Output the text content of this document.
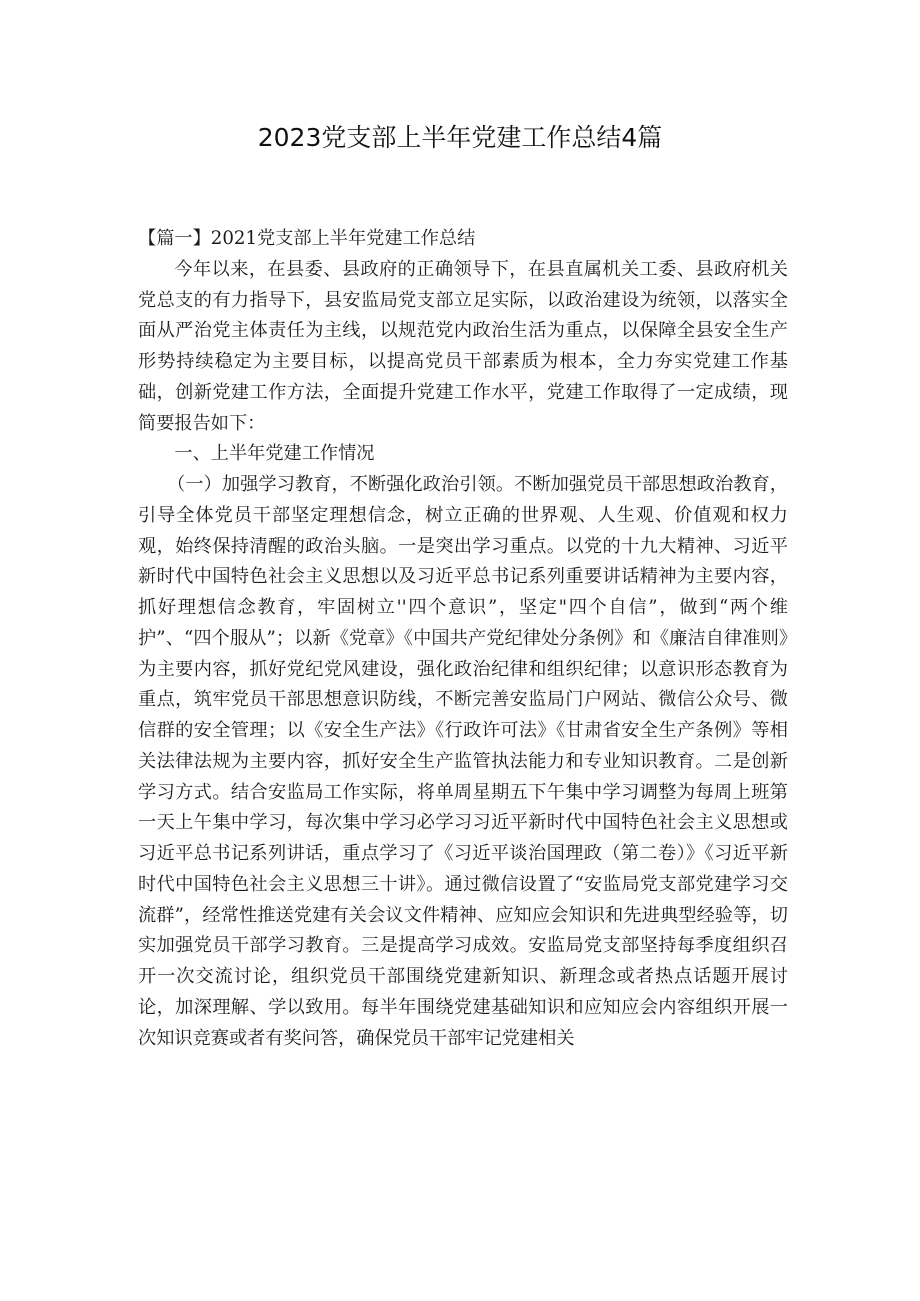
2023党支部上半年党建工作总结4篇

【篇一】2021党支部上半年党建工作总结

今年以来，在县委、县政府的正确领导下，在县直属机关工委、县政府机关党总支的有力指导下，县安监局党支部立足实际，以政治建设为统领，以落实全面从严治党主体责任为主线，以规范党内政治生活为重点，以保障全县安全生产形势持续稳定为主要目标，以提高党员干部素质为根本，全力夯实党建工作基础，创新党建工作方法，全面提升党建工作水平，党建工作取得了一定成绩，现简要报告如下：

一、上半年党建工作情况

（一）加强学习教育，不断强化政治引领。不断加强党员干部思想政治教育，引导全体党员干部坚定理想信念，树立正确的世界观、人生观、价值观和权力观，始终保持清醒的政治头脑。一是突出学习重点。以党的十九大精神、习近平新时代中国特色社会主义思想以及习近平总书记系列重要讲话精神为主要内容，抓好理想信念教育，牢固树立''四个意识”，坚定"四个自信”，做到“两个维护”、“四个服从”；以新《党章》《中国共产党纪律处分条例》和《廉洁自律准则》为主要内容，抓好党纪党风建设，强化政治纪律和组织纪律；以意识形态教育为重点，筑牢党员干部思想意识防线，不断完善安监局门户网站、微信公众号、微信群的安全管理；以《安全生产法》《行政许可法》《甘肃省安全生产条例》等相关法律法规为主要内容，抓好安全生产监管执法能力和专业知识教育。二是创新学习方式。结合安监局工作实际，将单周星期五下午集中学习调整为每周上班第一天上午集中学习，每次集中学习必学习习近平新时代中国特色社会主义思想或习近平总书记系列讲话，重点学习了《习近平谈治国理政（第二卷）》《习近平新时代中国特色社会主义思想三十讲》。通过微信设置了“安监局党支部党建学习交流群”，经常性推送党建有关会议文件精神、应知应会知识和先进典型经验等，切实加强党员干部学习教育。三是提高学习成效。安监局党支部坚持每季度组织召开一次交流讨论，组织党员干部围绕党建新知识、新理念或者热点话题开展讨论，加深理解、学以致用。每半年围绕党建基础知识和应知应会内容组织开展一次知识竞赛或者有奖问答，确保党员干部牢记党建相关
